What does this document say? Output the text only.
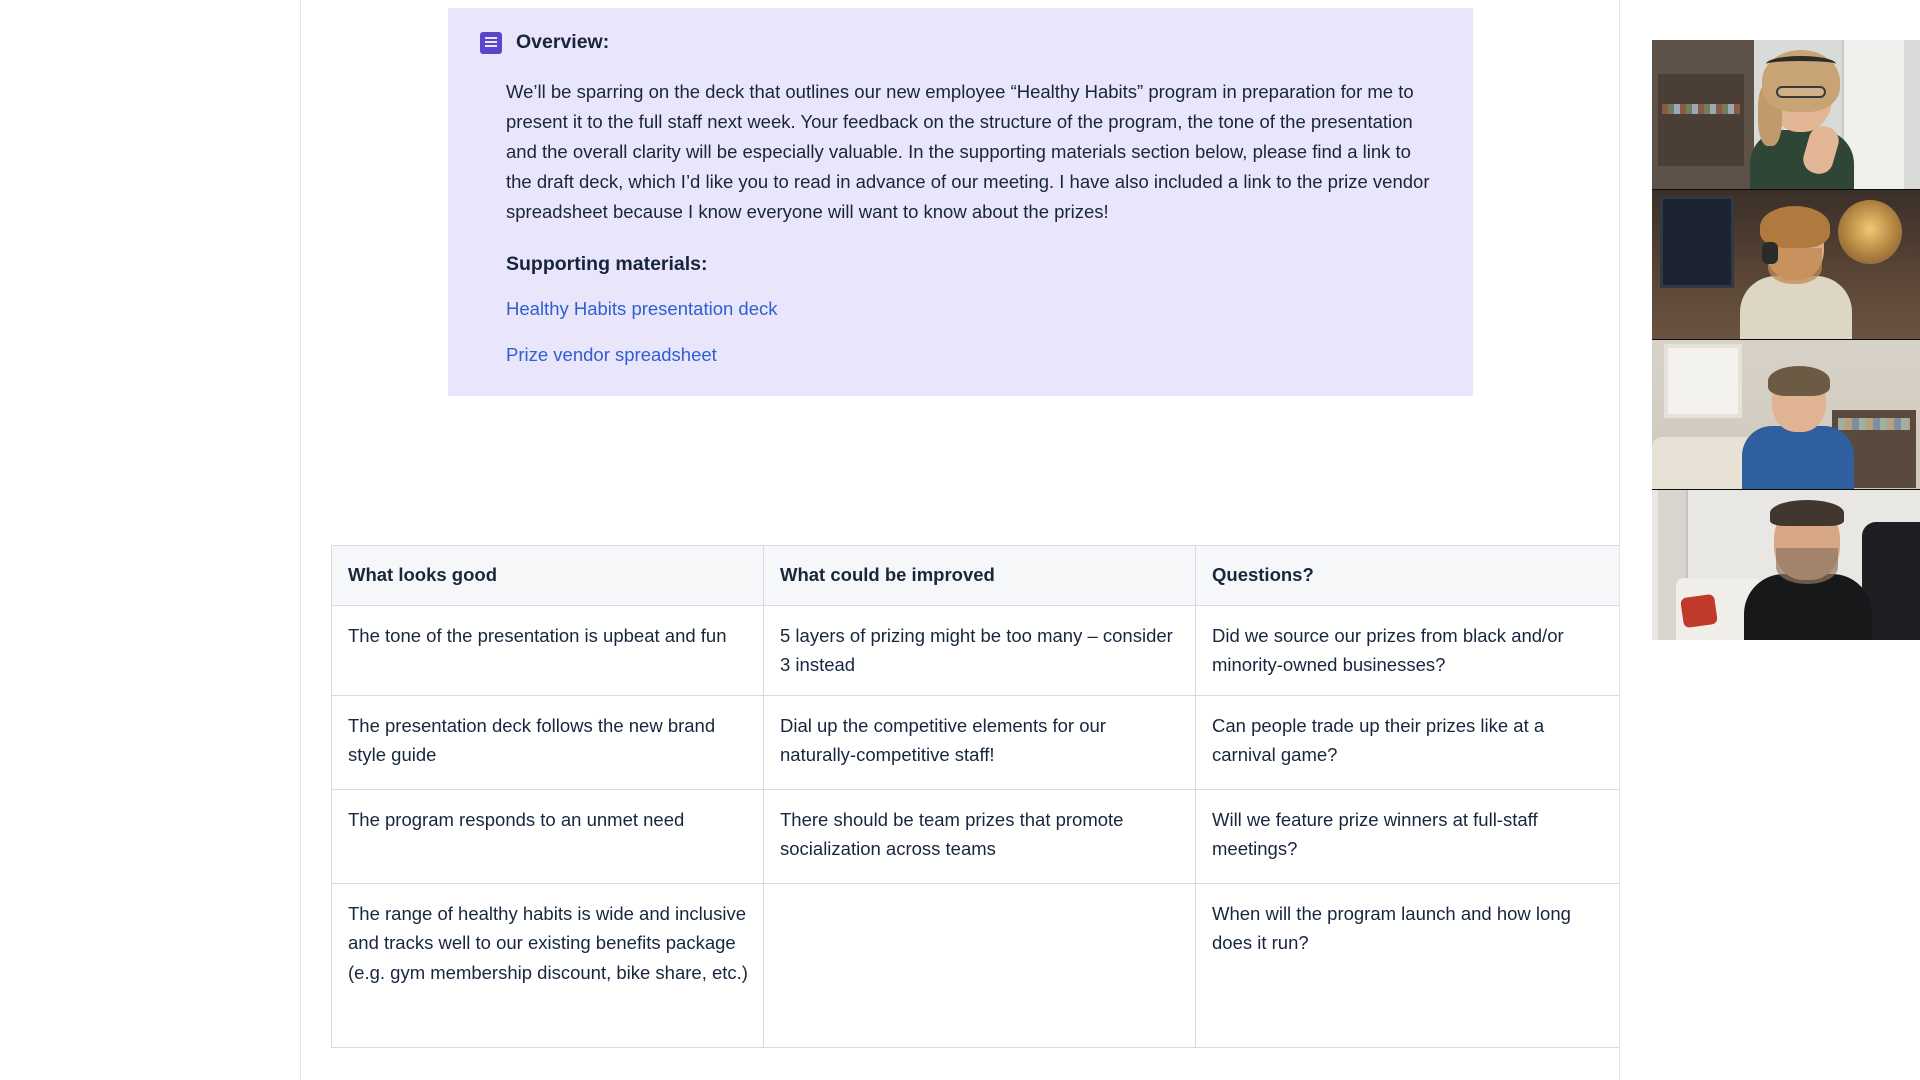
Overview:

We’ll be sparring on the deck that outlines our new employee “Healthy Habits” program in preparation for me to present it to the full staff next week. Your feedback on the structure of the program, the tone of the presentation and the overall clarity will be especially valuable. In the supporting materials section below, please find a link to the draft deck, which I’d like you to read in advance of our meeting. I have also included a link to the prize vendor spreadsheet because I know everyone will want to know about the prizes!

Supporting materials:
Healthy Habits presentation deck
Prize vendor spreadsheet
What looks good	What could be improved	Questions?
The tone of the presentation is upbeat and fun	5 layers of prizing might be too many – consider 3 instead	Did we source our prizes from black and/or minority-owned businesses?
The presentation deck follows the new brand style guide	Dial up the competitive elements for our naturally-competitive staff!	Can people trade up their prizes like at a carnival game?
The program responds to an unmet need	There should be team prizes that promote socialization across teams	Will we feature prize winners at full-staff meetings?
The range of healthy habits is wide and inclusive and tracks well to our existing benefits package (e.g. gym membership discount, bike share, etc.)		When will the program launch and how long does it run?
